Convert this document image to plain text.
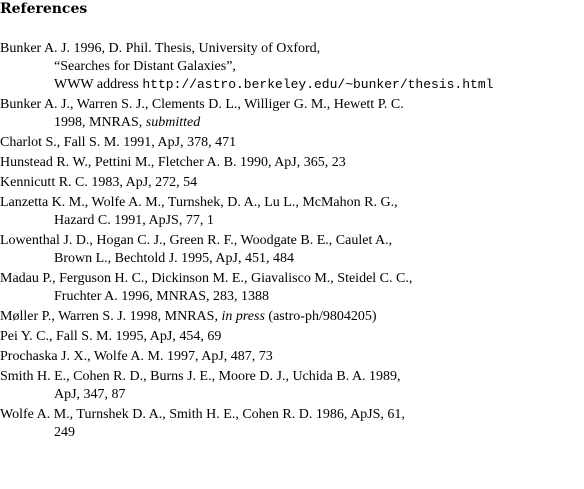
References
Bunker A. J. 1996, D. Phil. Thesis, University of Oxford,
“Searches for Distant Galaxies”,
WWW address http://astro.berkeley.edu/~bunker/thesis.html
Bunker A. J., Warren S. J., Clements D. L., Williger G. M., Hewett P. C.
1998, MNRAS, submitted
Charlot S., Fall S. M. 1991, ApJ, 378, 471
Hunstead R. W., Pettini M., Fletcher A. B. 1990, ApJ, 365, 23
Kennicutt R. C. 1983, ApJ, 272, 54
Lanzetta K. M., Wolfe A. M., Turnshek, D. A., Lu L., McMahon R. G.,
Hazard C. 1991, ApJS, 77, 1
Lowenthal J. D., Hogan C. J., Green R. F., Woodgate B. E., Caulet A.,
Brown L., Bechtold J. 1995, ApJ, 451, 484
Madau P., Ferguson H. C., Dickinson M. E., Giavalisco M., Steidel C. C.,
Fruchter A. 1996, MNRAS, 283, 1388
Møller P., Warren S. J. 1998, MNRAS, in press (astro-ph/9804205)
Pei Y. C., Fall S. M. 1995, ApJ, 454, 69
Prochaska J. X., Wolfe A. M. 1997, ApJ, 487, 73
Smith H. E., Cohen R. D., Burns J. E., Moore D. J., Uchida B. A. 1989,
ApJ, 347, 87
Wolfe A. M., Turnshek D. A., Smith H. E., Cohen R. D. 1986, ApJS, 61,
249
